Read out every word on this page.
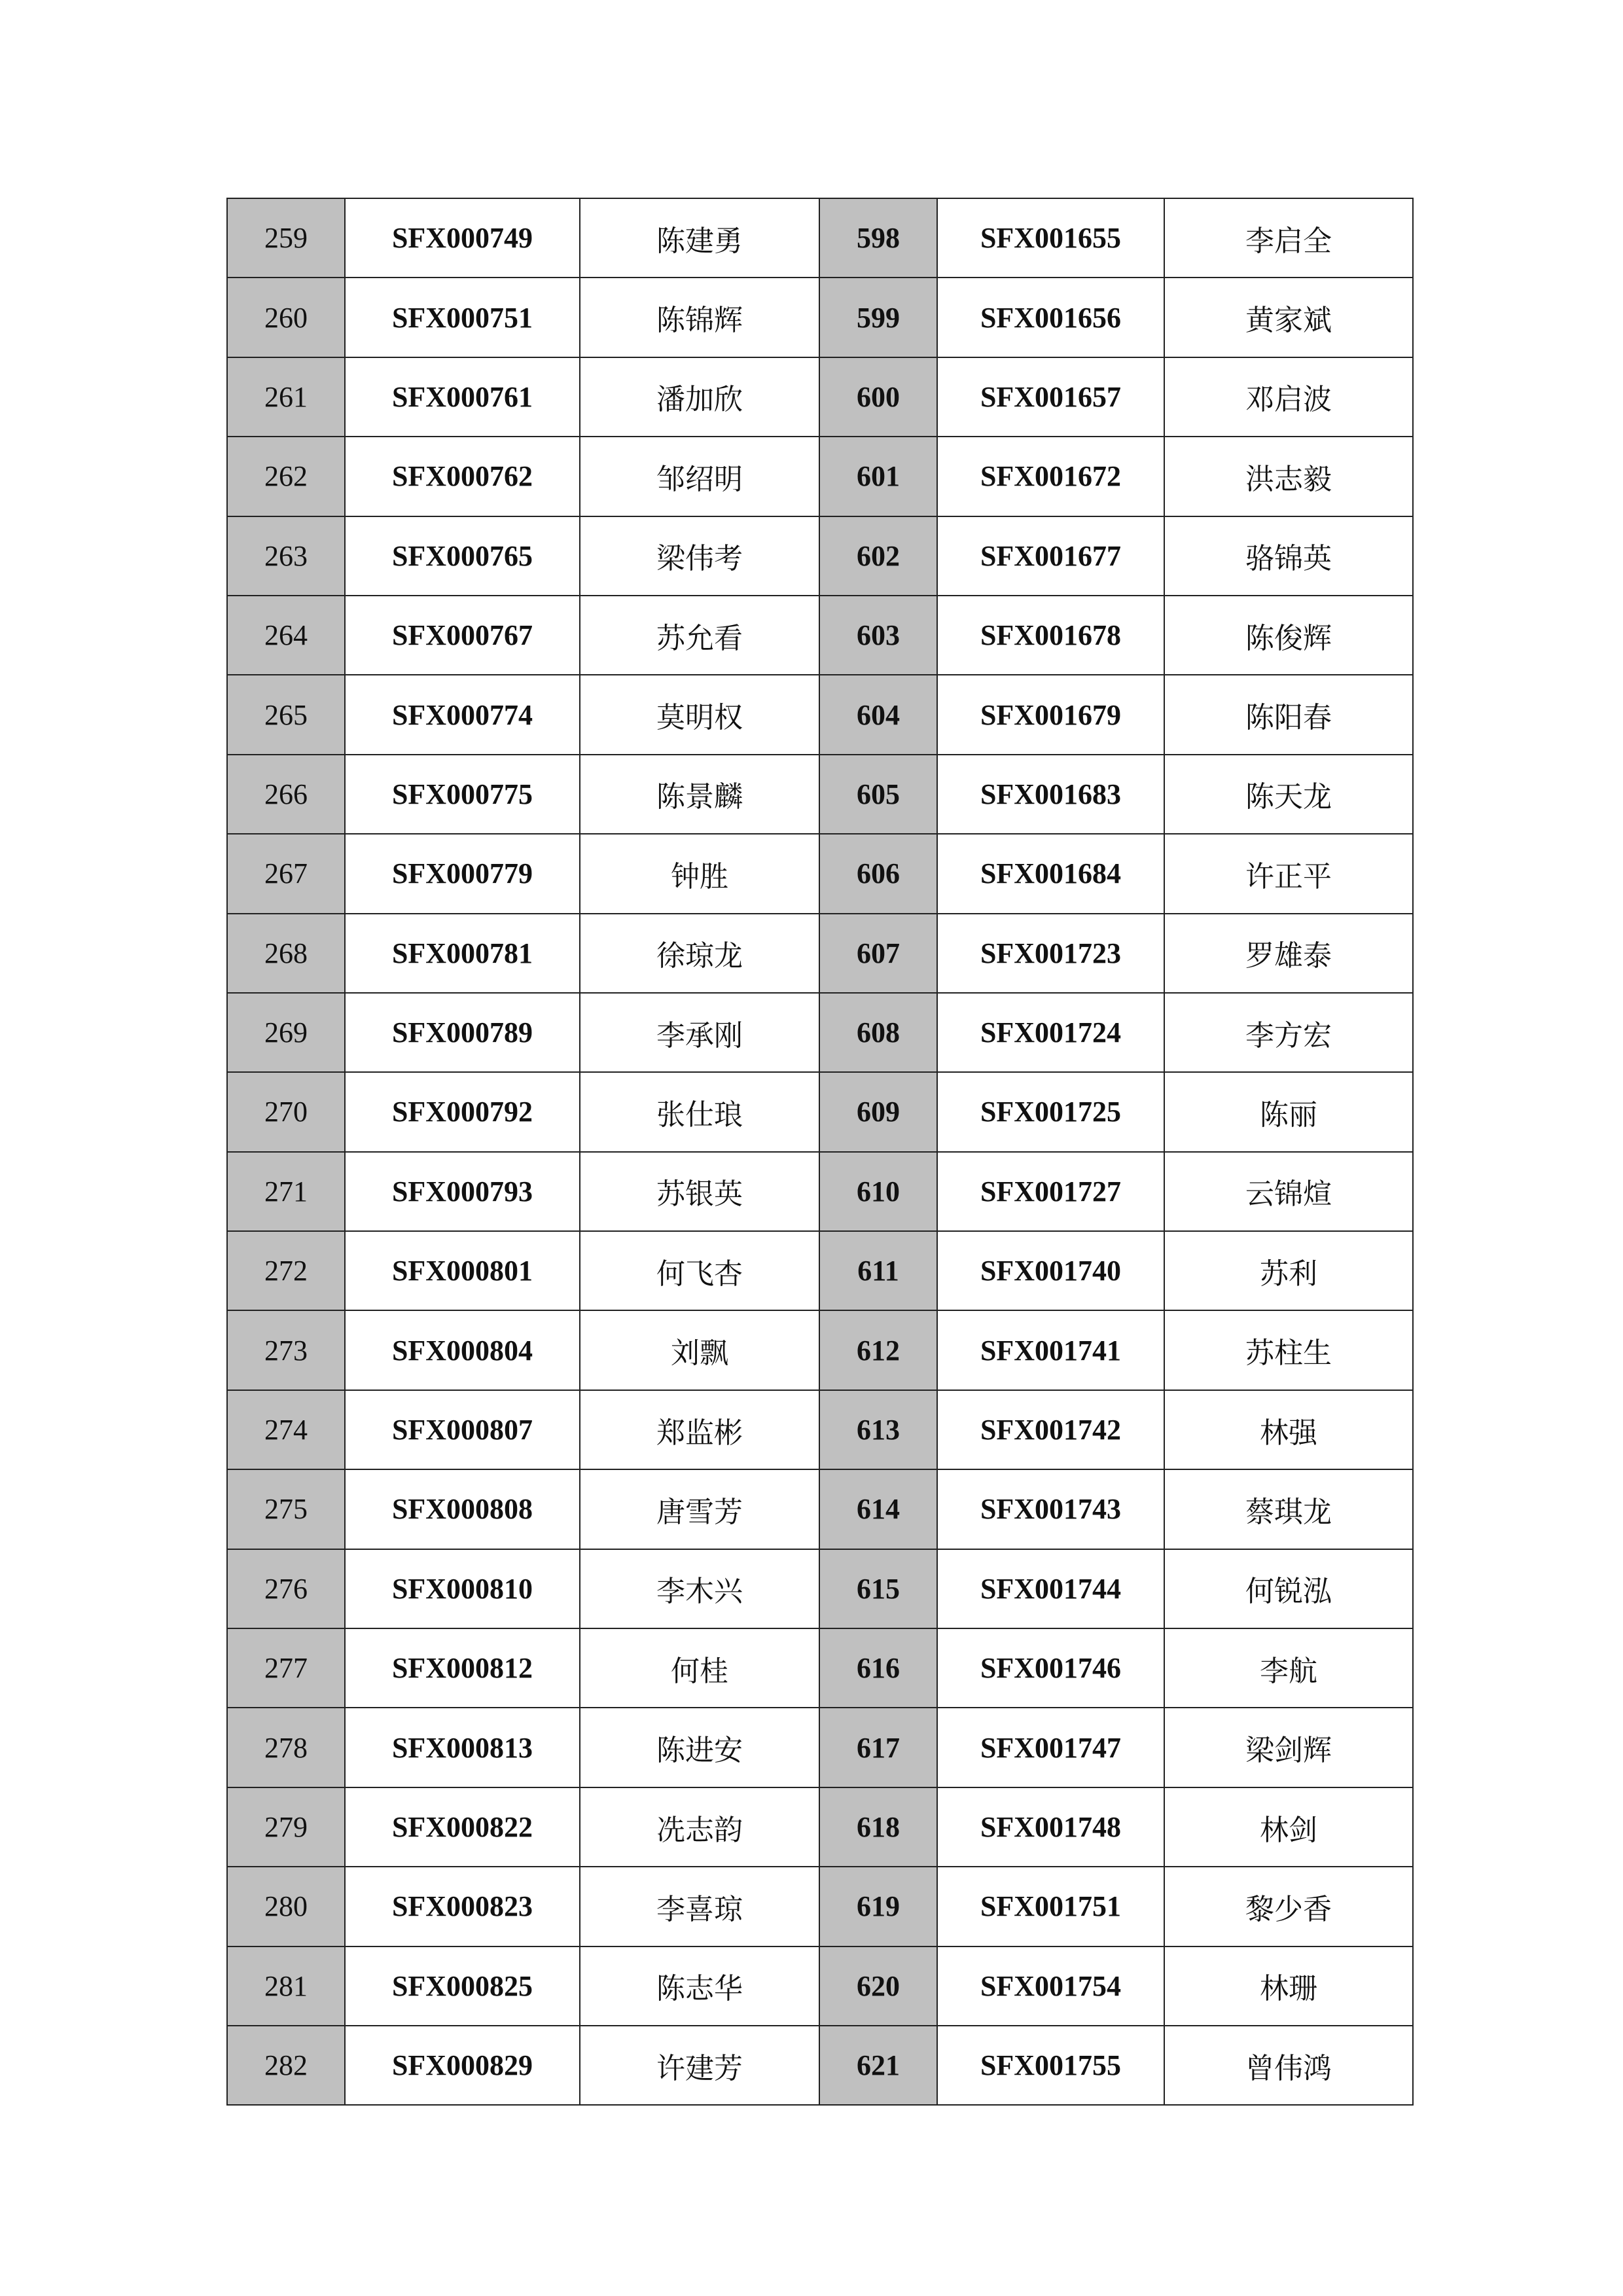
259	SFX000749	陈建勇	598	SFX001655	李启全
260	SFX000751	陈锦辉	599	SFX001656	黄家斌
261	SFX000761	潘加欣	600	SFX001657	邓启波
262	SFX000762	邹绍明	601	SFX001672	洪志毅
263	SFX000765	梁伟考	602	SFX001677	骆锦英
264	SFX000767	苏允看	603	SFX001678	陈俊辉
265	SFX000774	莫明权	604	SFX001679	陈阳春
266	SFX000775	陈景麟	605	SFX001683	陈天龙
267	SFX000779	钟胜	606	SFX001684	许正平
268	SFX000781	徐琼龙	607	SFX001723	罗雄泰
269	SFX000789	李承刚	608	SFX001724	李方宏
270	SFX000792	张仕琅	609	SFX001725	陈丽
271	SFX000793	苏银英	610	SFX001727	云锦煊
272	SFX000801	何飞杏	611	SFX001740	苏利
273	SFX000804	刘飘	612	SFX001741	苏柱生
274	SFX000807	郑监彬	613	SFX001742	林强
275	SFX000808	唐雪芳	614	SFX001743	蔡琪龙
276	SFX000810	李木兴	615	SFX001744	何锐泓
277	SFX000812	何桂	616	SFX001746	李航
278	SFX000813	陈进安	617	SFX001747	梁剑辉
279	SFX000822	冼志韵	618	SFX001748	林剑
280	SFX000823	李喜琼	619	SFX001751	黎少香
281	SFX000825	陈志华	620	SFX001754	林珊
282	SFX000829	许建芳	621	SFX001755	曾伟鸿
